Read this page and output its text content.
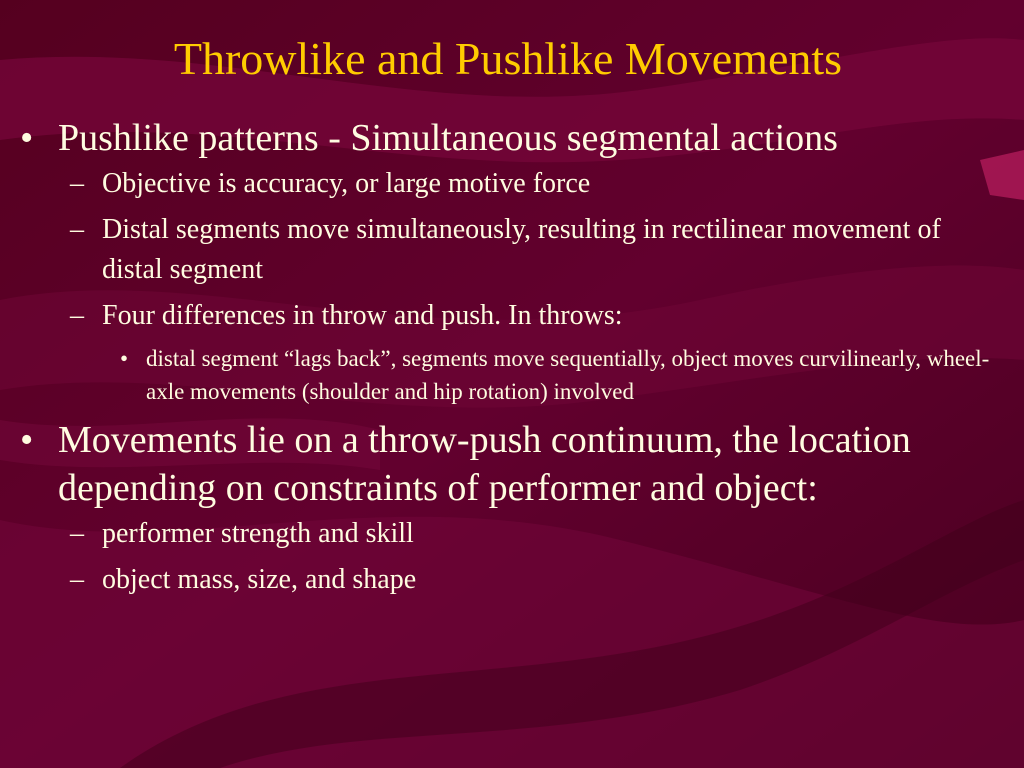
Throwlike and Pushlike Movements
• Pushlike patterns - Simultaneous segmental actions
– Objective is accuracy, or large motive force
– Distal segments move simultaneously, resulting in rectilinear movement of distal segment
– Four differences in throw and push. In throws:
• distal segment “lags back”, segments move sequentially, object moves curvilinearly, wheel-axle movements (shoulder and hip rotation) involved
• Movements lie on a throw-push continuum, the location depending on constraints of performer and object:
– performer strength and skill
– object mass, size, and shape
